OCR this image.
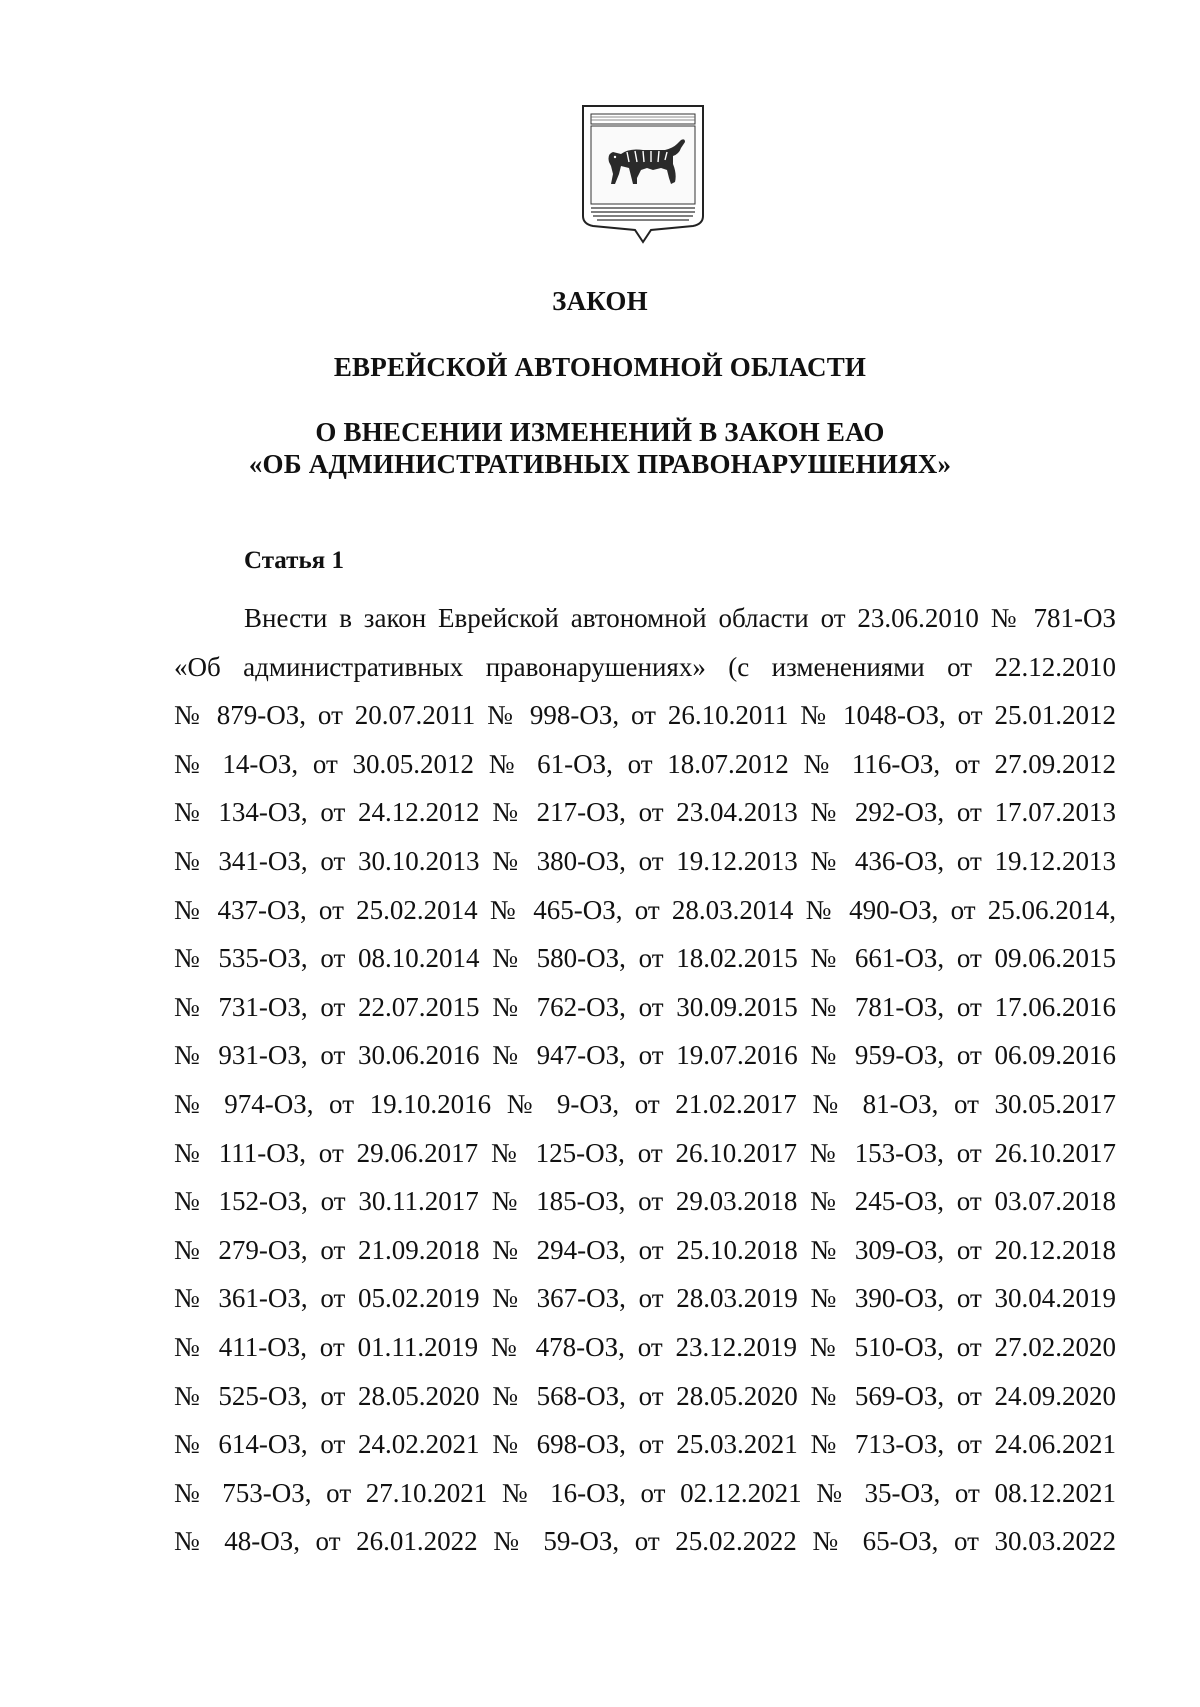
ЗАКОН
ЕВРЕЙСКОЙ АВТОНОМНОЙ ОБЛАСТИ
О ВНЕСЕНИИ ИЗМЕНЕНИЙ В ЗАКОН ЕАО
«ОБ АДМИНИСТРАТИВНЫХ ПРАВОНАРУШЕНИЯХ»
Статья 1
Внести в закон Еврейской автономной области от 23.06.2010 № 781-ОЗ
«Об административных правонарушениях» (с изменениями от 22.12.2010
№ 879-ОЗ, от 20.07.2011 № 998-ОЗ, от 26.10.2011 № 1048-ОЗ, от 25.01.2012
№ 14-ОЗ, от 30.05.2012 № 61-ОЗ, от 18.07.2012 № 116-ОЗ, от 27.09.2012
№ 134-ОЗ, от 24.12.2012 № 217-ОЗ, от 23.04.2013 № 292-ОЗ, от 17.07.2013
№ 341-ОЗ, от 30.10.2013 № 380-ОЗ, от 19.12.2013 № 436-ОЗ, от 19.12.2013
№ 437-ОЗ, от 25.02.2014 № 465-ОЗ, от 28.03.2014 № 490-ОЗ, от 25.06.2014,
№ 535-ОЗ, от 08.10.2014 № 580-ОЗ, от 18.02.2015 № 661-ОЗ, от 09.06.2015
№ 731-ОЗ, от 22.07.2015 № 762-ОЗ, от 30.09.2015 № 781-ОЗ, от 17.06.2016
№ 931-ОЗ, от 30.06.2016 № 947-ОЗ, от 19.07.2016 № 959-ОЗ, от 06.09.2016
№ 974-ОЗ, от 19.10.2016 № 9-ОЗ, от 21.02.2017 № 81-ОЗ, от 30.05.2017
№ 111-ОЗ, от 29.06.2017 № 125-ОЗ, от 26.10.2017 № 153-ОЗ, от 26.10.2017
№ 152-ОЗ, от 30.11.2017 № 185-ОЗ, от 29.03.2018 № 245-ОЗ, от 03.07.2018
№ 279-ОЗ, от 21.09.2018 № 294-ОЗ, от 25.10.2018 № 309-ОЗ, от 20.12.2018
№ 361-ОЗ, от 05.02.2019 № 367-ОЗ, от 28.03.2019 № 390-ОЗ, от 30.04.2019
№ 411-ОЗ, от 01.11.2019 № 478-ОЗ, от 23.12.2019 № 510-ОЗ, от 27.02.2020
№ 525-ОЗ, от 28.05.2020 № 568-ОЗ, от 28.05.2020 № 569-ОЗ, от 24.09.2020
№ 614-ОЗ, от 24.02.2021 № 698-ОЗ, от 25.03.2021 № 713-ОЗ, от 24.06.2021
№ 753-ОЗ, от 27.10.2021 № 16-ОЗ, от 02.12.2021 № 35-ОЗ, от 08.12.2021
№ 48-ОЗ, от 26.01.2022 № 59-ОЗ, от 25.02.2022 № 65-ОЗ, от 30.03.2022
